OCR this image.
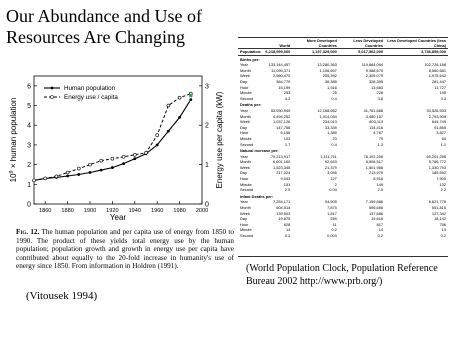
Our Abundance and Use of Resources Are Changing
0
1
2
3
4
5
6
0
1
2
3
1860 1880 1900 1920 1940 1960 1980 2000
Human population
Energy use / capita
$10^9$ × human population	Energy use per capita (kW)
Year
Fig. 12. The human population and per capita use of energy from 1850 to 1990. The product of these yields total energy use by the human population; population growth and growth in energy use per capita have contributed about equally to the 20-fold increase in humanity's use of energy since 1850. From information in Holdren (1991).
	World	More Developed Countries	Less Developed Countries	Less Developed Countries (less China)
Population:	6,218,999,000	1,197,329,000	5,017,562,000	3,736,859,000
Births per:				
Year	133,144,457	13,280,363	119,864,094	102,726,168
Month	11,095,371	1,106,697	9,988,675	8,560,681
Week	2,560,470	255,392	2,305,079	1,975,542
Day	364,779	36,385	328,395	281,447
Hour	15,199	1,516	13,683	11,727
Minute	253	25	228	195
Second	4.2	0.4	3.8	3.3
Deaths per:				
Year	53,930,940	12,168,652	41,761,688	33,526,933
Month	4,494,252	1,014,054	3,480,157	2,793,909
Week	1,037,126	234,013	803,113	644,749
Day	147,756	33,339	114,416	91,855
Hour	6,156	1,389	4,767	3,827
Minute	103	23	79	64
Second	1.7	0.4	1.3	1.1
Natural increase per:				
Year	79,213,917	1,111,711	78,102,206	69,201,256
Month	6,601,160	92,643	6,508,517	5,766,772
Week	1,523,345	21,379	1,501,966	1,330,793
Day	217,024	3,046	213,979	189,592
Hour	9,043	127	8,916	7,900
Minute	151	2	149	132
Second	2.5	0.04	2.5	2.2
Infant Deaths per:				
Year	7,254,171	94,505	7,159,666	6,621,776
Month	604,514	7,875	596,656	551,815
Week	139,503	1,817	137,686	127,342
Day	19,875	259	19,616	18,142
Hour	828	11	817	756
Minute	14	0.2	14	13
Second	0.2	0.003	0.2	0.2
(World Population Clock, Population Reference Bureau 2002 http://www.prb.org/)
(Vitousek 1994)
